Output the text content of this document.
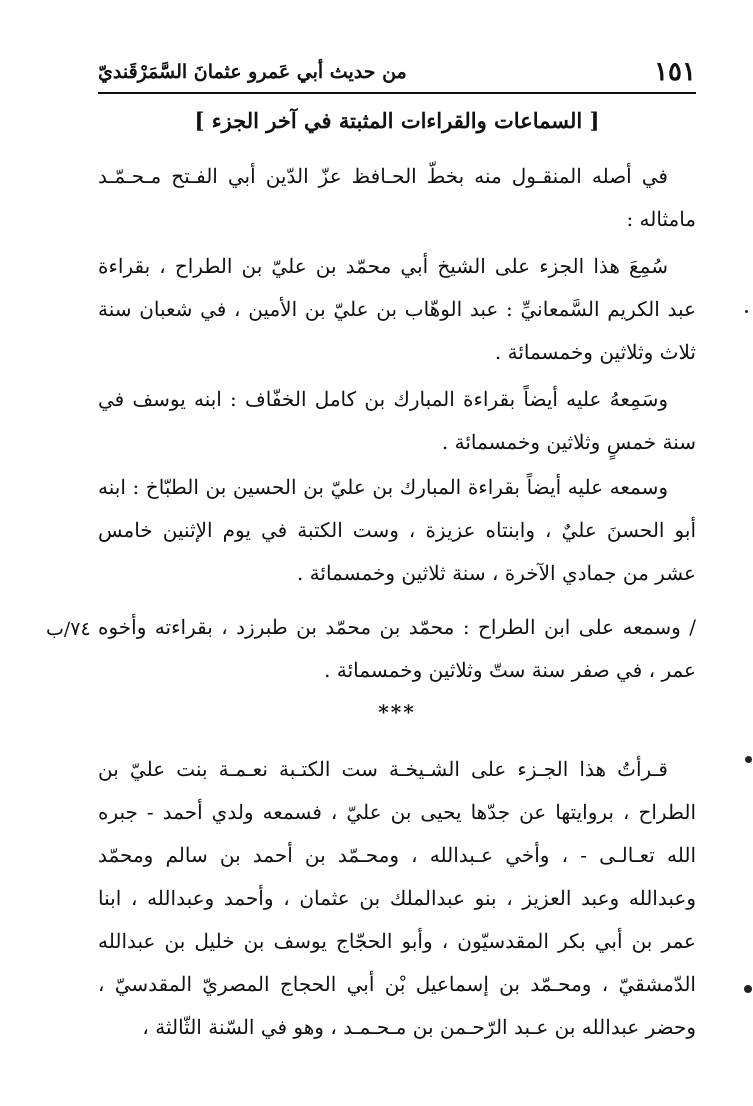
١٥١
من حديث أبي عَمرو عثمانَ السَّمَرْقَنديّ
[ السماعات والقراءات المثبتة في آخر الجزء ]

في أصله المنقـول منه بخطّ الحـافظ عزّ الدّين أبي الفـتح مـحـمّـد مامثاله :

سُمِعَ هذا الجزء على الشيخ أبي محمّد بن عليّ بن الطراح ، بقراءة عبد الكريم السَّمعانيِّ : عبد الوهّاب بن عليّ بن الأمين ، في شعبان سنة ثلاث وثلاثين وخمسمائة .

وسَمِعهُ عليه أيضاً بقراءة المبارك بن كامل الخفّاف : ابنه يوسف في سنة خمسٍ وثلاثين وخمسمائة .

وسمعه عليه أيضاً بقراءة المبارك بن عليّ بن الحسين بن الطبّاخ : ابنه أبو الحسنَ عليٌ ، وابنتاه عزيزة ، وست الكتبة في يوم الإثنين خامس عشر من جمادي الآخرة ، سنة ثلاثين وخمسمائة .

/ وسمعه على ابن الطراح : محمّد بن محمّد بن طبرزد ، بقراءته وأخوه عمر ، في صفر سنة ستّ وثلاثين وخمسمائة .

٧٤/ب
***

قـرأتُ هذا الجـزء على الشـيخـة ست الكتـبة نعـمـة بنت عليّ بن الطراح ، بروايتها عن جدّها يحيى بن عليّ ، فسمعه ولدي أحمد - جبره الله تعـالـى - ، وأخي عـبدالله ، ومحـمّد بن أحمد بن سالم ومحمّد وعبدالله وعبد العزيز ، بنو عبدالملك بن عثمان ، وأحمد وعبدالله ، ابنا عمر بن أبي بكر المقدسيّون ، وأبو الحجّاج يوسف بن خليل بن عبدالله الدّمشقيّ ، ومحـمّد بن إسماعيل بْن أبي الحجاج المصريّ المقدسيّ ، وحضر عبدالله بن عـبد الرّحـمن بن مـحـمـد ، وهو في السّنة الثّالثة ،
